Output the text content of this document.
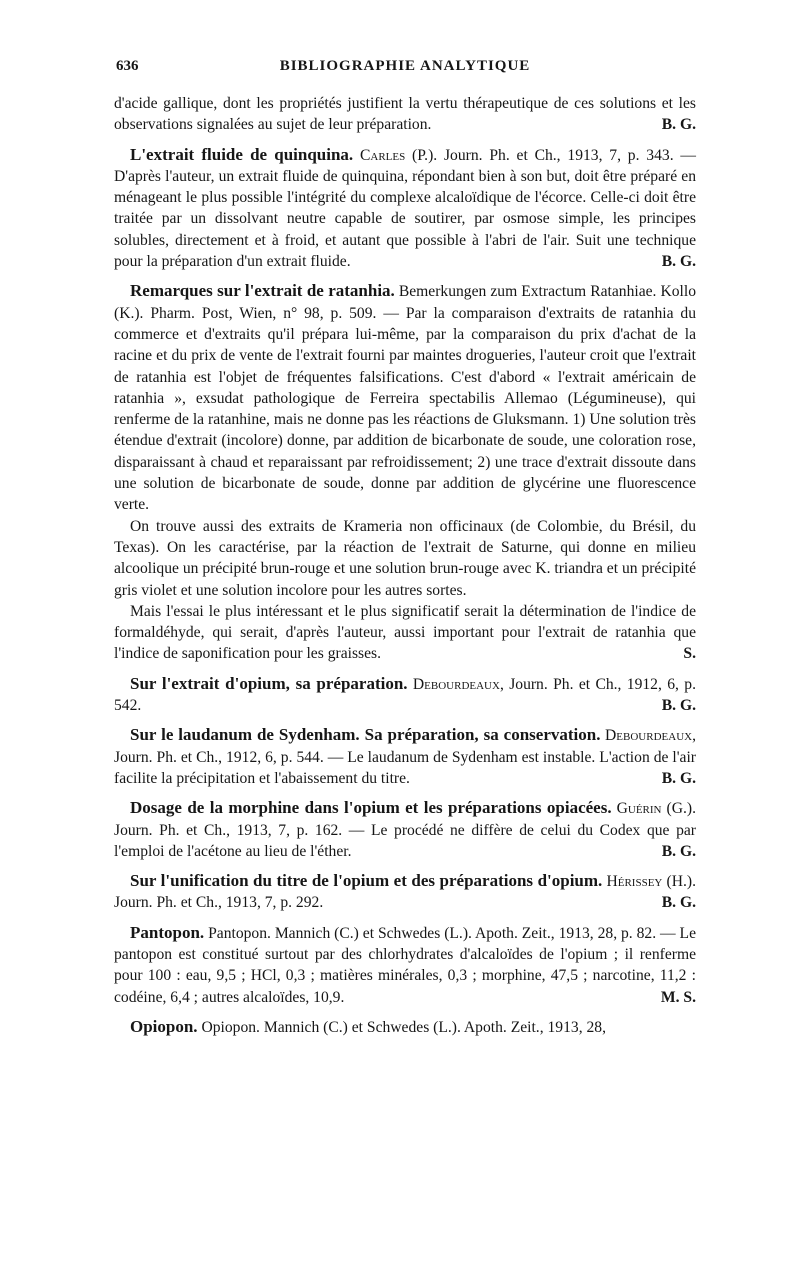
636	BIBLIOGRAPHIE ANALYTIQUE

d'acide gallique, dont les propriétés justifient la vertu thérapeutique de ces solutions et les observations signalées au sujet de leur préparation.	B. G.

L'extrait fluide de quinquina. Carles (P.). Journ. Ph. et Ch., 1913, 7, p. 343. — D'après l'auteur, un extrait fluide de quinquina, répondant bien à son but, doit être préparé en ménageant le plus possible l'intégrité du complexe alcaloïdique de l'écorce. Celle-ci doit être traitée par un dissolvant neutre capable de soutirer, par osmose simple, les principes solubles, directement et à froid, et autant que possible à l'abri de l'air. Suit une technique pour la préparation d'un extrait fluide.	B. G.

Remarques sur l'extrait de ratanhia. Bemerkungen zum Extractum Ratanhiae. Kollo (K.). Pharm. Post, Wien, n° 98, p. 509. — Par la comparaison d'extraits de ratanhia du commerce et d'extraits qu'il prépara lui-même, par la comparaison du prix d'achat de la racine et du prix de vente de l'extrait fourni par maintes drogueries, l'auteur croit que l'extrait de ratanhia est l'objet de fréquentes falsifications. C'est d'abord « l'extrait américain de ratanhia », exsudat pathologique de Ferreira spectabilis Allemao (Légumineuse), qui renferme de la ratanhine, mais ne donne pas les réactions de Gluksmann. 1) Une solution très étendue d'extrait (incolore) donne, par addition de bicarbonate de soude, une coloration rose, disparaissant à chaud et reparaissant par refroidissement; 2) une trace d'extrait dissoute dans une solution de bicarbonate de soude, donne par addition de glycérine une fluorescence verte.

On trouve aussi des extraits de Krameria non officinaux (de Colombie, du Brésil, du Texas). On les caractérise, par la réaction de l'extrait de Saturne, qui donne en milieu alcoolique un précipité brun-rouge et une solution brun-rouge avec K. triandra et un précipité gris violet et une solution incolore pour les autres sortes.

Mais l'essai le plus intéressant et le plus significatif serait la détermination de l'indice de formaldéhyde, qui serait, d'après l'auteur, aussi important pour l'extrait de ratanhia que l'indice de saponification pour les graisses.	S.

Sur l'extrait d'opium, sa préparation. Debourdeaux, Journ. Ph. et Ch., 1912, 6, p. 542.	B. G.

Sur le laudanum de Sydenham. Sa préparation, sa conservation. Debourdeaux, Journ. Ph. et Ch., 1912, 6, p. 544. — Le laudanum de Sydenham est instable. L'action de l'air facilite la précipitation et l'abaissement du titre.	B. G.

Dosage de la morphine dans l'opium et les préparations opiacées. Guérin (G.). Journ. Ph. et Ch., 1913, 7, p. 162. — Le procédé ne diffère de celui du Codex que par l'emploi de l'acétone au lieu de l'éther.	B. G.

Sur l'unification du titre de l'opium et des préparations d'opium. Hérissey (H.). Journ. Ph. et Ch., 1913, 7, p. 292.	B. G.

Pantopon. Pantopon. Mannich (C.) et Schwedes (L.). Apoth. Zeit., 1913, 28, p. 82. — Le pantopon est constitué surtout par des chlorhydrates d'alcaloïdes de l'opium ; il renferme pour 100 : eau, 9,5 ; HCl, 0,3 ; matières minérales, 0,3 ; morphine, 47,5 ; narcotine, 11,2 : codéine, 6,4 ; autres alcaloïdes, 10,9.	M. S.

Opiopon. Opiopon. Mannich (C.) et Schwedes (L.). Apoth. Zeit., 1913, 28,
